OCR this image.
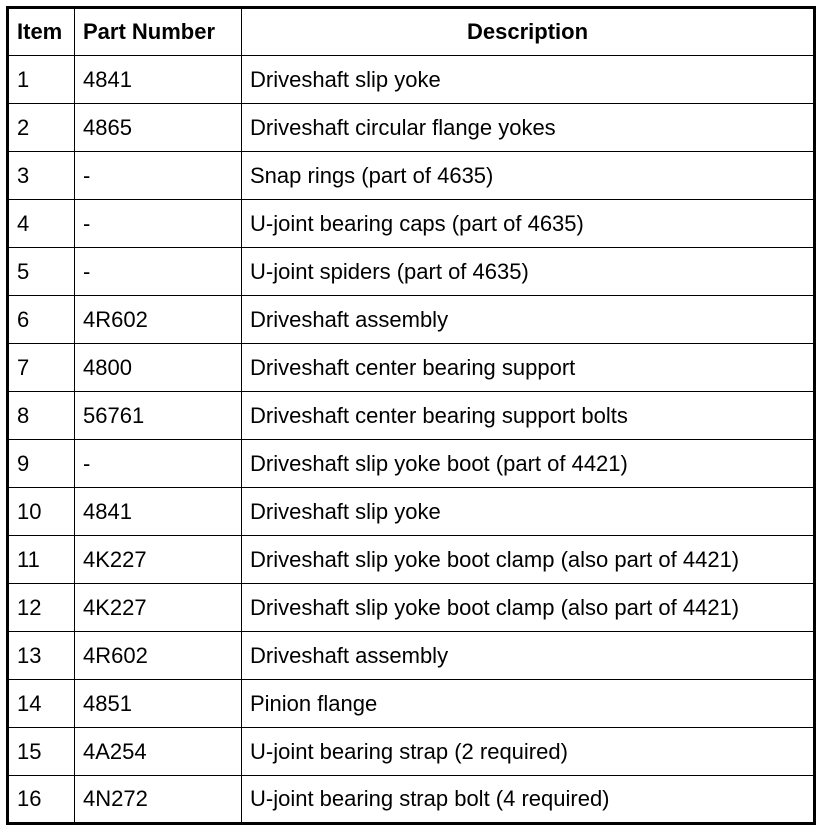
Item	Part Number	Description
1	4841	Driveshaft slip yoke
2	4865	Driveshaft circular flange yokes
3	-	Snap rings (part of 4635)
4	-	U-joint bearing caps (part of 4635)
5	-	U-joint spiders (part of 4635)
6	4R602	Driveshaft assembly
7	4800	Driveshaft center bearing support
8	56761	Driveshaft center bearing support bolts
9	-	Driveshaft slip yoke boot (part of 4421)
10	4841	Driveshaft slip yoke
11	4K227	Driveshaft slip yoke boot clamp (also part of 4421)
12	4K227	Driveshaft slip yoke boot clamp (also part of 4421)
13	4R602	Driveshaft assembly
14	4851	Pinion flange
15	4A254	U-joint bearing strap (2 required)
16	4N272	U-joint bearing strap bolt (4 required)
